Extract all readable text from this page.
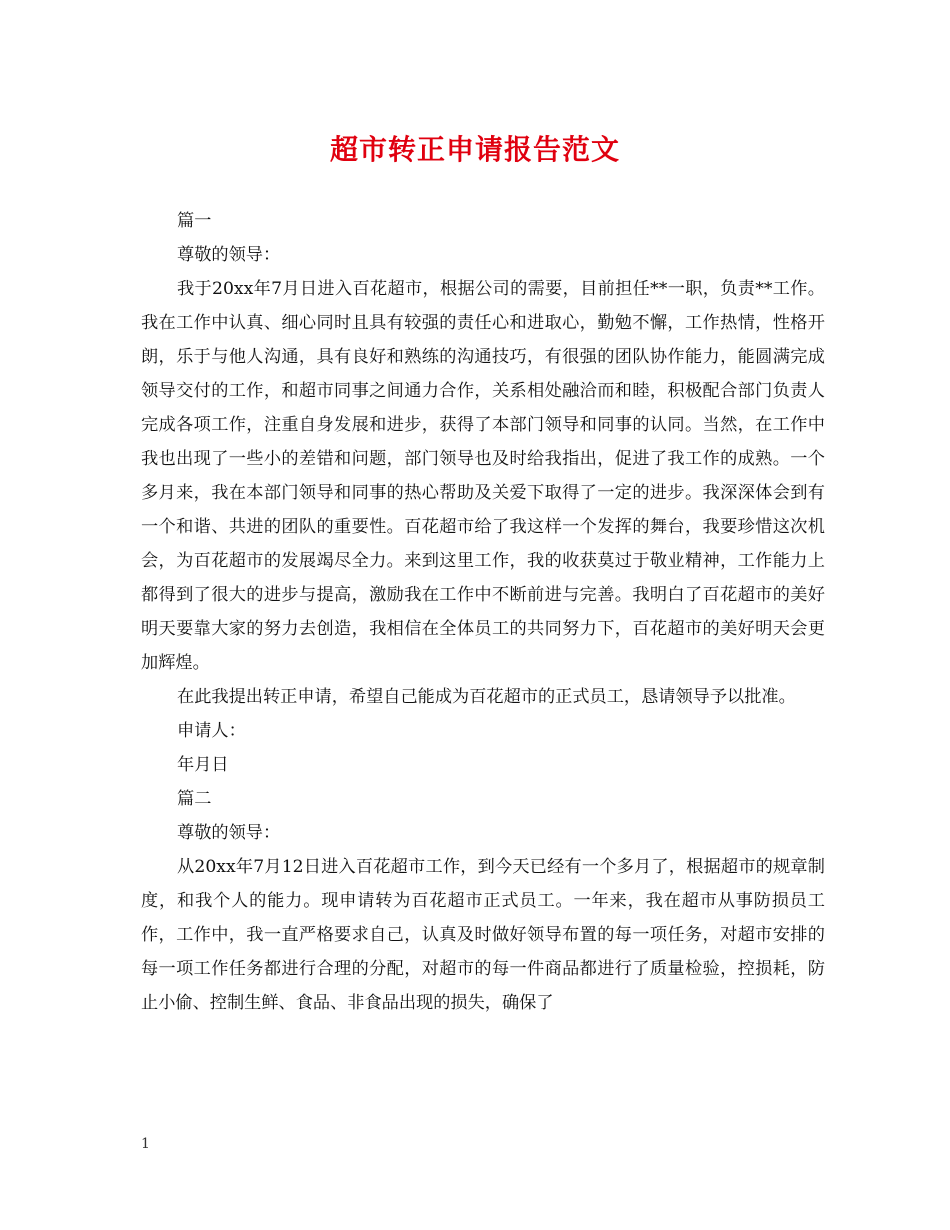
超市转正申请报告范文

篇一

尊敬的领导：

我于20xx年7月日进入百花超市，根据公司的需要，目前担任**一职，负责**工作。我在工作中认真、细心同时且具有较强的责任心和进取心，勤勉不懈，工作热情，性格开朗，乐于与他人沟通，具有良好和熟练的沟通技巧，有很强的团队协作能力，能圆满完成领导交付的工作，和超市同事之间通力合作，关系相处融洽而和睦，积极配合部门负责人完成各项工作，注重自身发展和进步，获得了本部门领导和同事的认同。当然，在工作中我也出现了一些小的差错和问题，部门领导也及时给我指出，促进了我工作的成熟。一个多月来，我在本部门领导和同事的热心帮助及关爱下取得了一定的进步。我深深体会到有一个和谐、共进的团队的重要性。百花超市给了我这样一个发挥的舞台，我要珍惜这次机会，为百花超市的发展竭尽全力。来到这里工作，我的收获莫过于敬业精神，工作能力上都得到了很大的进步与提高，激励我在工作中不断前进与完善。我明白了百花超市的美好明天要靠大家的努力去创造，我相信在全体员工的共同努力下，百花超市的美好明天会更加辉煌。

在此我提出转正申请，希望自己能成为百花超市的正式员工，恳请领导予以批准。

申请人：

年月日

篇二

尊敬的领导：

从20xx年7月12日进入百花超市工作，到今天已经有一个多月了，根据超市的规章制度，和我个人的能力。现申请转为百花超市正式员工。一年来，我在超市从事防损员工作，工作中，我一直严格要求自己，认真及时做好领导布置的每一项任务，对超市安排的每一项工作任务都进行合理的分配，对超市的每一件商品都进行了质量检验，控损耗，防止小偷、控制生鲜、食品、非食品出现的损失，确保了

1
